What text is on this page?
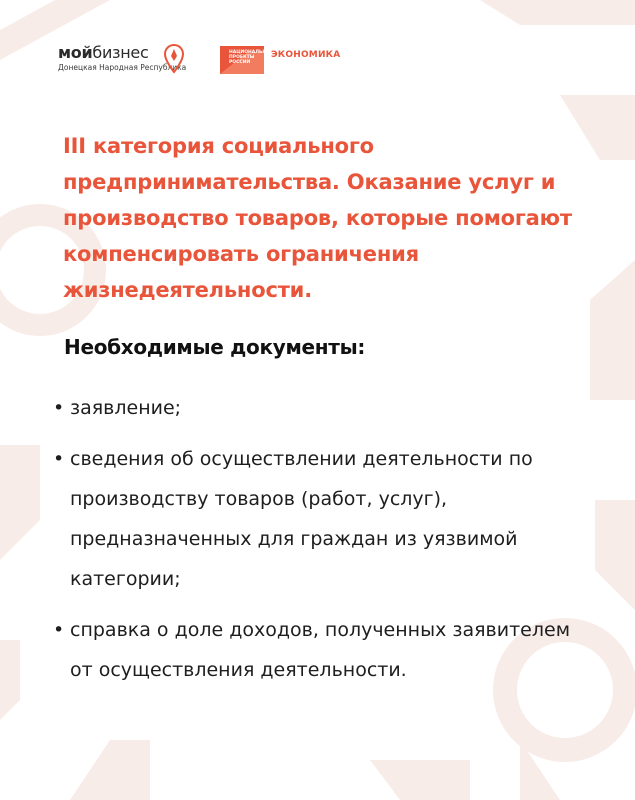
мойбизнес
Донецкая Народная Республика
НАЦИОНАЛЬНЫЕ ПРОЕКТЫ РОССИИ
ЭКОНОМИКА
III категория социального предпринимательства. Оказание услуг и производство товаров, которые помогают компенсировать ограничения жизнедеятельности.
Необходимые документы:
• заявление;
• сведения об осуществлении деятельности по производству товаров (работ, услуг), предназначенных для граждан из уязвимой категории;
• справка о доле доходов, полученных заявителем от осуществления деятельности.
